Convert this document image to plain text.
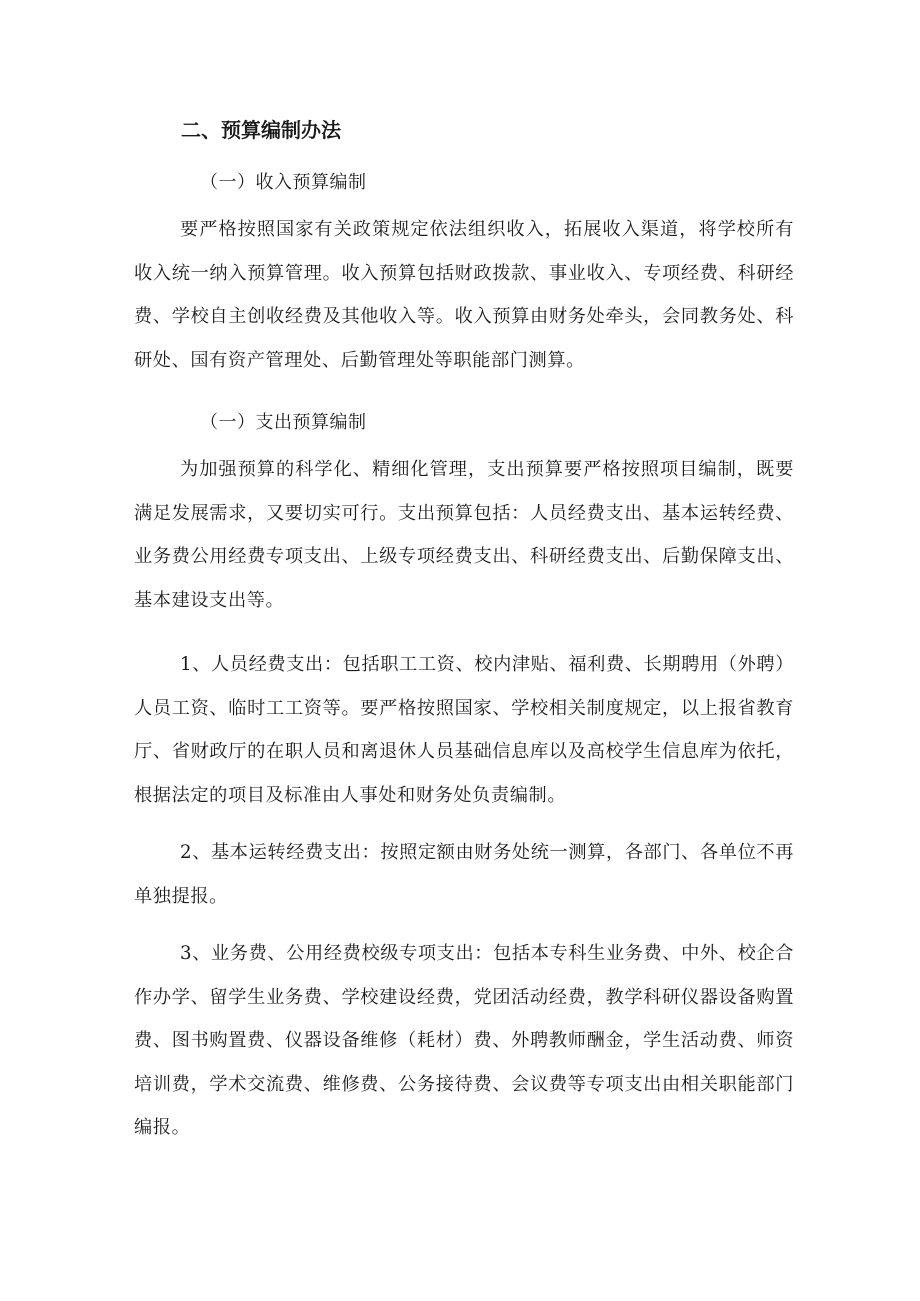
二、预算编制办法

（一）收入预算编制

要严格按照国家有关政策规定依法组织收入，拓展收入渠道，将学校所有收入统一纳入预算管理。收入预算包括财政拨款、事业收入、专项经费、科研经费、学校自主创收经费及其他收入等。收入预算由财务处牵头，会同教务处、科研处、国有资产管理处、后勤管理处等职能部门测算。

（一）支出预算编制

为加强预算的科学化、精细化管理，支出预算要严格按照项目编制，既要满足发展需求，又要切实可行。支出预算包括：人员经费支出、基本运转经费、业务费公用经费专项支出、上级专项经费支出、科研经费支出、后勤保障支出、基本建设支出等。

1、人员经费支出：包括职工工资、校内津贴、福利费、长期聘用（外聘）人员工资、临时工工资等。要严格按照国家、学校相关制度规定，以上报省教育厅、省财政厅的在职人员和离退休人员基础信息库以及高校学生信息库为依托，根据法定的项目及标准由人事处和财务处负责编制。

2、基本运转经费支出：按照定额由财务处统一测算，各部门、各单位不再单独提报。

3、业务费、公用经费校级专项支出：包括本专科生业务费、中外、校企合作办学、留学生业务费、学校建设经费，党团活动经费，教学科研仪器设备购置费、图书购置费、仪器设备维修（耗材）费、外聘教师酬金，学生活动费、师资培训费，学术交流费、维修费、公务接待费、会议费等专项支出由相关职能部门编报。
